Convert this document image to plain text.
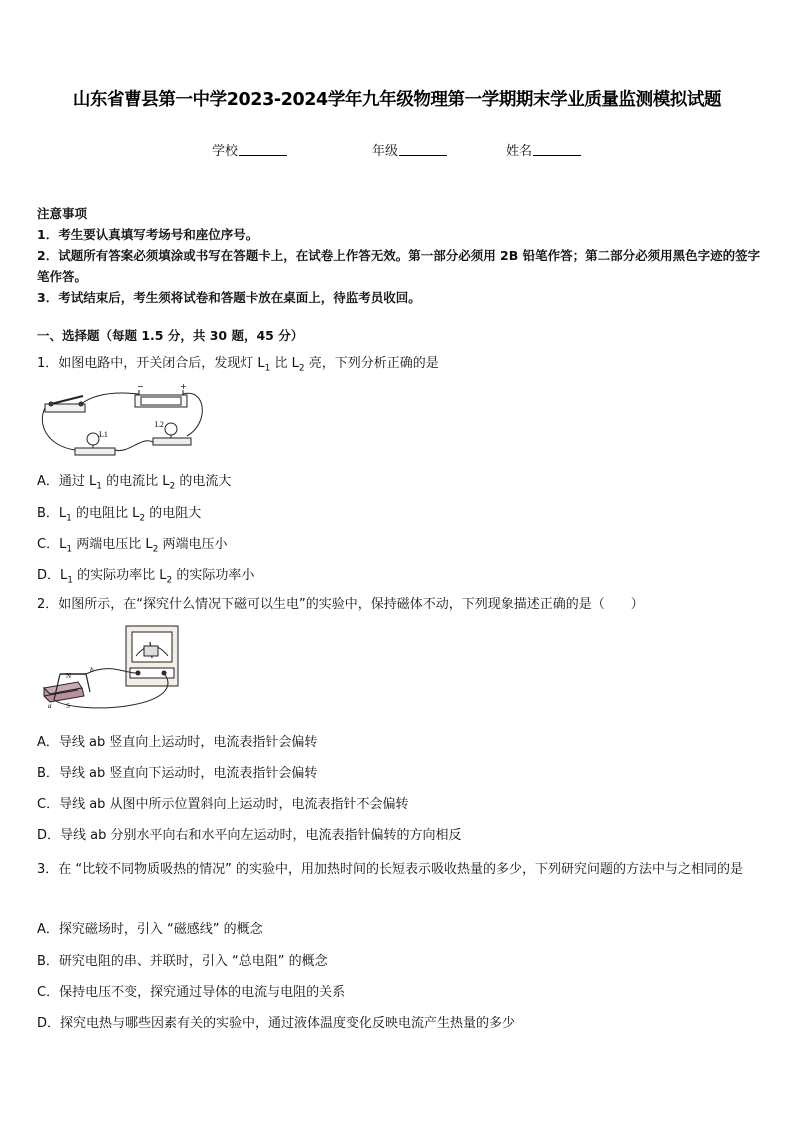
山东省曹县第一中学2023-2024学年九年级物理第一学期期末学业质量监测模拟试题
学校	年级	姓名
注意事项
1．考生要认真填写考场号和座位序号。
2．试题所有答案必须填涂或书写在答题卡上，在试卷上作答无效。第一部分必须用 2B 铅笔作答；第二部分必须用黑色字迹的签字笔作答。
3．考试结束后，考生须将试卷和答题卡放在桌面上，待监考员收回。
一、选择题（每题 1.5 分，共 30 题，45 分）
1．如图电路中，开关闭合后，发现灯 $L_1$ 比 $L_2$ 亮，下列分析正确的是
L1
L2
−	+
A．通过 $L_1$ 的电流比 $L_2$ 的电流大
B．$L_1$ 的电阻比 $L_2$ 的电阻大
C．$L_1$ 两端电压比 $L_2$ 两端电压小
D．$L_1$ 的实际功率比 $L_2$ 的实际功率小
2．如图所示，在“探究什么情况下磁可以生电”的实验中，保持磁体不动，下列现象描述正确的是（　　）
N
S
a
b
A．导线 ab 竖直向上运动时，电流表指针会偏转
B．导线 ab 竖直向下运动时，电流表指针会偏转
C．导线 ab 从图中所示位置斜向上运动时，电流表指针不会偏转
D．导线 ab 分别水平向右和水平向左运动时，电流表指针偏转的方向相反
3．在 “比较不同物质吸热的情况” 的实验中，用加热时间的长短表示吸收热量的多少，下列研究问题的方法中与之相同的是
A．探究磁场时，引入 “磁感线” 的概念
B．研究电阻的串、并联时，引入 “总电阻” 的概念
C．保持电压不变，探究通过导体的电流与电阻的关系
D．探究电热与哪些因素有关的实验中，通过液体温度变化反映电流产生热量的多少
